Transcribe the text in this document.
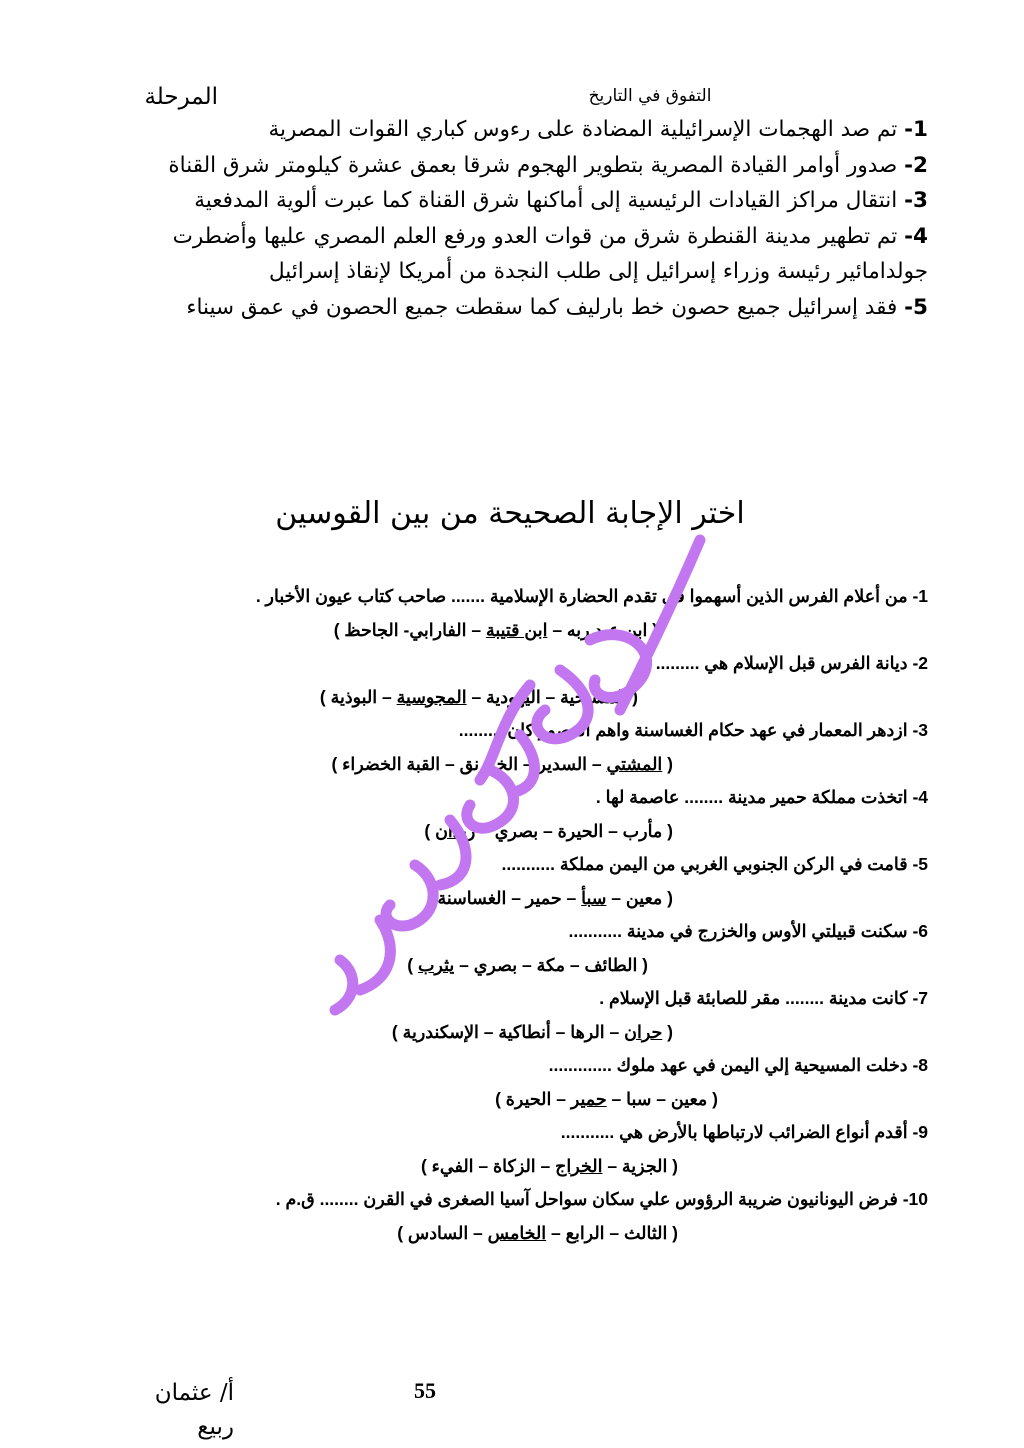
التفوق في التاريخ
المرحلة

1- تم صد الهجمات الإسرائيلية المضادة على رءوس كباري القوات المصرية

2- صدور أوامر القيادة المصرية بتطوير الهجوم شرقا بعمق عشرة كيلومتر شرق القناة

3- انتقال مراكز القيادات الرئيسية إلى أماكنها شرق القناة كما عبرت ألوية المدفعية

4- تم تطهير مدينة القنطرة شرق من قوات العدو ورفع العلم المصري عليها وأضطرت جولدامائير رئيسة وزراء إسرائيل إلى طلب النجدة من أمريكا لإنقاذ إسرائيل

5- فقد إسرائيل جميع حصون خط بارليف كما سقطت جميع الحصون في عمق سيناء

اختر الإجابة الصحيحة من بين القوسين

1- من أعلام الفرس الذين أسهموا في تقدم الحضارة الإسلامية ....... صاحب كتاب عيون الأخبار .

( ابن عبد ربه – ابن قتيبة – الفارابي- الجاحظ )

2- ديانة الفرس قبل الإسلام هي .........

( المسيحية – اليهودية – المجوسية – البوذية )

3- ازدهر المعمار في عهد حكام الغساسنة واهم القصور كان .........

( المشتي – السدير – الخورنق – القبة الخضراء )

4- اتخذت مملكة حمير مدينة ........ عاصمة لها .

( مأرب – الحيرة – بصري – ريدان )

5- قامت في الركن الجنوبي الغربي من اليمن مملكة ...........

( معين – سبأ – حمير – الغساسنة )

6- سكنت قبيلتي الأوس والخزرج في مدينة ...........

( الطائف – مكة – بصري – يثرب )

7- كانت مدينة ........ مقر للصابئة قبل الإسلام .

( حران – الرها – أنطاكية – الإسكندرية )

8- دخلت المسيحية إلي اليمن في عهد ملوك .............

( معين – سبا – حمير – الحيرة )

9- أقدم أنواع الضرائب لارتباطها بالأرض هي ...........

( الجزية – الخراج – الزكاة – الفيء )

10- فرض اليونانيون ضريبة الرؤوس علي سكان سواحل آسيا الصغرى في القرن ........ ق.م .

( الثالث – الرابع – الخامس – السادس )

أ/ عثمان
ربيع
55
